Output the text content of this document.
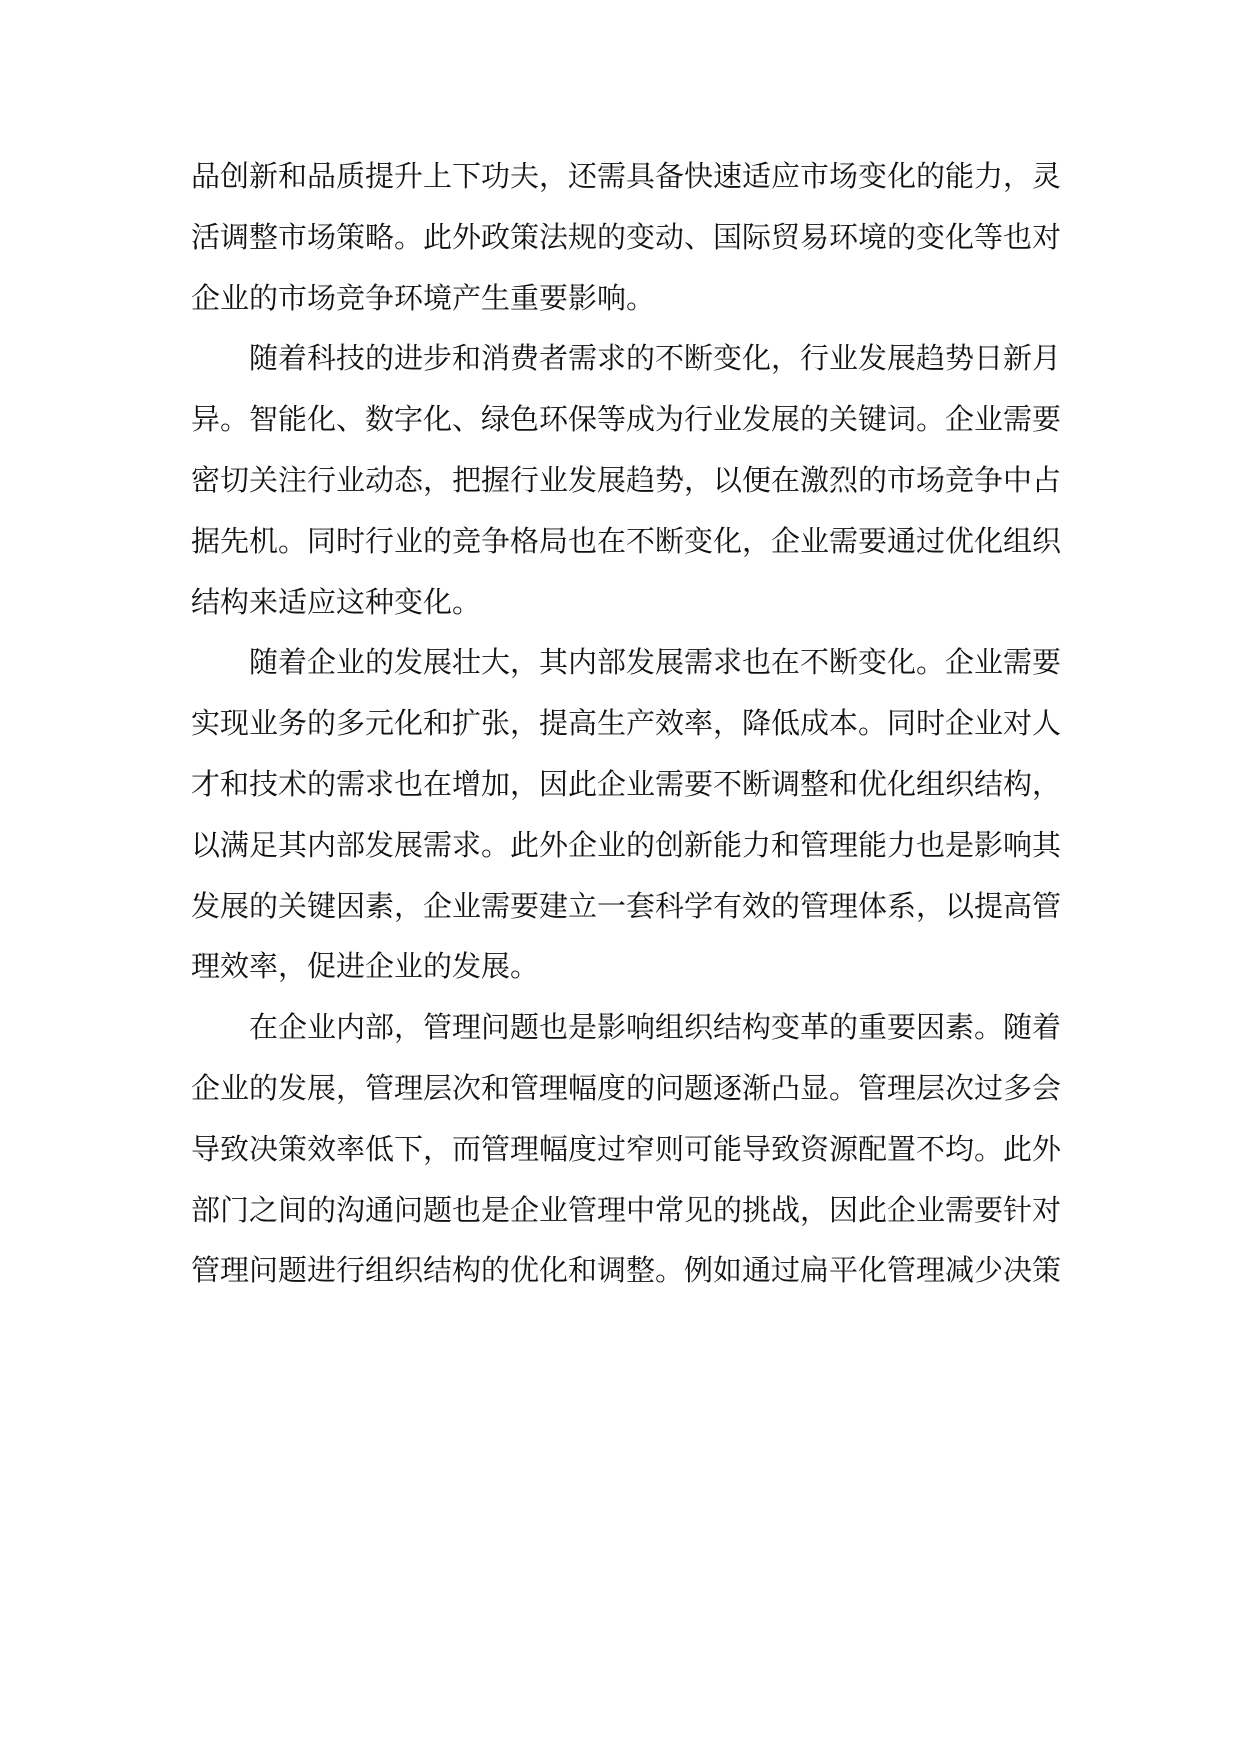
品创新和品质提升上下功夫，还需具备快速适应市场变化的能力，灵
活调整市场策略。此外政策法规的变动、国际贸易环境的变化等也对
企业的市场竞争环境产生重要影响。
随着科技的进步和消费者需求的不断变化，行业发展趋势日新月
异。智能化、数字化、绿色环保等成为行业发展的关键词。企业需要
密切关注行业动态，把握行业发展趋势，以便在激烈的市场竞争中占
据先机。同时行业的竞争格局也在不断变化，企业需要通过优化组织
结构来适应这种变化。
随着企业的发展壮大，其内部发展需求也在不断变化。企业需要
实现业务的多元化和扩张，提高生产效率，降低成本。同时企业对人
才和技术的需求也在增加，因此企业需要不断调整和优化组织结构，
以满足其内部发展需求。此外企业的创新能力和管理能力也是影响其
发展的关键因素，企业需要建立一套科学有效的管理体系，以提高管
理效率，促进企业的发展。
在企业内部，管理问题也是影响组织结构变革的重要因素。随着
企业的发展，管理层次和管理幅度的问题逐渐凸显。管理层次过多会
导致决策效率低下，而管理幅度过窄则可能导致资源配置不均。此外
部门之间的沟通问题也是企业管理中常见的挑战，因此企业需要针对
管理问题进行组织结构的优化和调整。例如通过扁平化管理减少决策
